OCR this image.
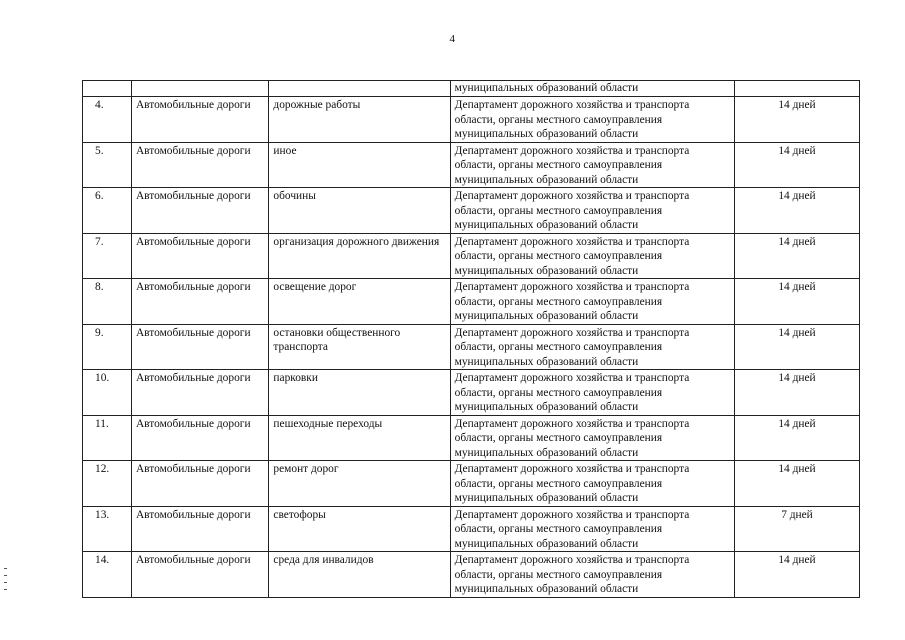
4
			муниципальных образований области	
4.	Автомобильные дороги	дорожные работы	Департамент дорожного хозяйства и транспорта области, органы местного самоуправления муниципальных образований области	14 дней
5.	Автомобильные дороги	иное	Департамент дорожного хозяйства и транспорта области, органы местного самоуправления муниципальных образований области	14 дней
6.	Автомобильные дороги	обочины	Департамент дорожного хозяйства и транспорта области, органы местного самоуправления муниципальных образований области	14 дней
7.	Автомобильные дороги	организация дорожного движения	Департамент дорожного хозяйства и транспорта области, органы местного самоуправления муниципальных образований области	14 дней
8.	Автомобильные дороги	освещение дорог	Департамент дорожного хозяйства и транспорта области, органы местного самоуправления муниципальных образований области	14 дней
9.	Автомобильные дороги	остановки общественного транспорта	Департамент дорожного хозяйства и транспорта области, органы местного самоуправления муниципальных образований области	14 дней
10.	Автомобильные дороги	парковки	Департамент дорожного хозяйства и транспорта области, органы местного самоуправления муниципальных образований области	14 дней
11.	Автомобильные дороги	пешеходные переходы	Департамент дорожного хозяйства и транспорта области, органы местного самоуправления муниципальных образований области	14 дней
12.	Автомобильные дороги	ремонт дорог	Департамент дорожного хозяйства и транспорта области, органы местного самоуправления муниципальных образований области	14 дней
13.	Автомобильные дороги	светофоры	Департамент дорожного хозяйства и транспорта области, органы местного самоуправления муниципальных образований области	7 дней
14.	Автомобильные дороги	среда для инвалидов	Департамент дорожного хозяйства и транспорта области, органы местного самоуправления муниципальных образований области	14 дней
